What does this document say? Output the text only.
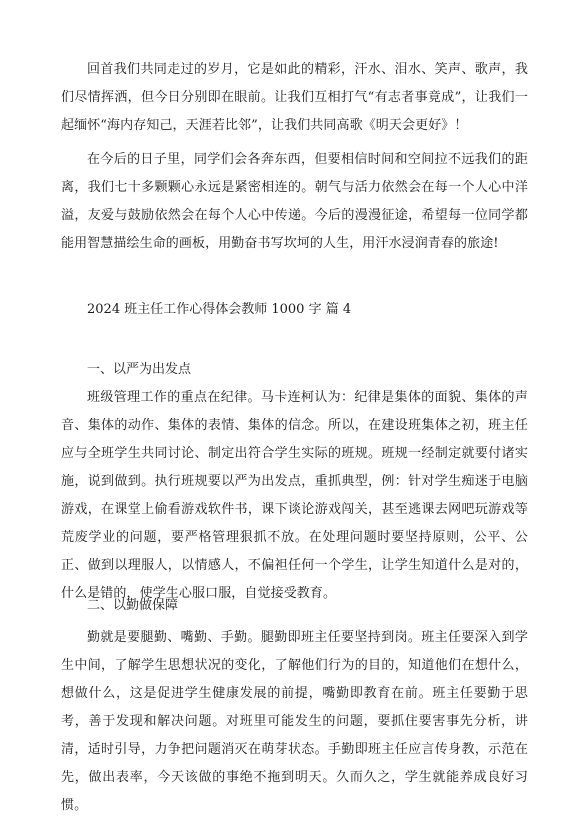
回首我们共同走过的岁月，它是如此的精彩，汗水、泪水、笑声、歌声，我们尽情挥洒，但今日分别即在眼前。让我们互相打气“有志者事竟成”，让我们一起缅怀“海内存知己，天涯若比邻”，让我们共同高歌《明天会更好》！

在今后的日子里，同学们会各奔东西，但要相信时间和空间拉不远我们的距离，我们七十多颗颗心永远是紧密相连的。朝气与活力依然会在每一个人心中洋溢，友爱与鼓励依然会在每个人心中传递。今后的漫漫征途，希望每一位同学都能用智慧描绘生命的画板，用勤奋书写坎坷的人生，用汗水浸润青春的旅途!

2024 班主任工作心得体会教师 1000 字 篇 4

一、以严为出发点

班级管理工作的重点在纪律。马卡连柯认为：纪律是集体的面貌、集体的声音、集体的动作、集体的表情、集体的信念。所以，在建设班集体之初，班主任应与全班学生共同讨论、制定出符合学生实际的班规。班规一经制定就要付诸实施，说到做到。执行班规要以严为出发点，重抓典型，例：针对学生痴迷于电脑游戏，在课堂上偷看游戏软件书，课下谈论游戏闯关，甚至逃课去网吧玩游戏等荒废学业的问题，要严格管理狠抓不放。在处理问题时要坚持原则，公平、公正、做到以理服人，以情感人，不偏袒任何一个学生，让学生知道什么是对的，什么是错的，使学生心服口服，自觉接受教育。

二、以勤做保障

勤就是要腿勤、嘴勤、手勤。腿勤即班主任要坚持到岗。班主任要深入到学生中间，了解学生思想状况的变化，了解他们行为的目的，知道他们在想什么，想做什么，这是促进学生健康发展的前提，嘴勤即教育在前。班主任要勤于思考，善于发现和解决问题。对班里可能发生的问题，要抓住要害事先分析，讲清，适时引导，力争把问题消灭在萌芽状态。手勤即班主任应言传身教，示范在先，做出表率，今天该做的事绝不拖到明天。久而久之，学生就能养成良好习惯。
